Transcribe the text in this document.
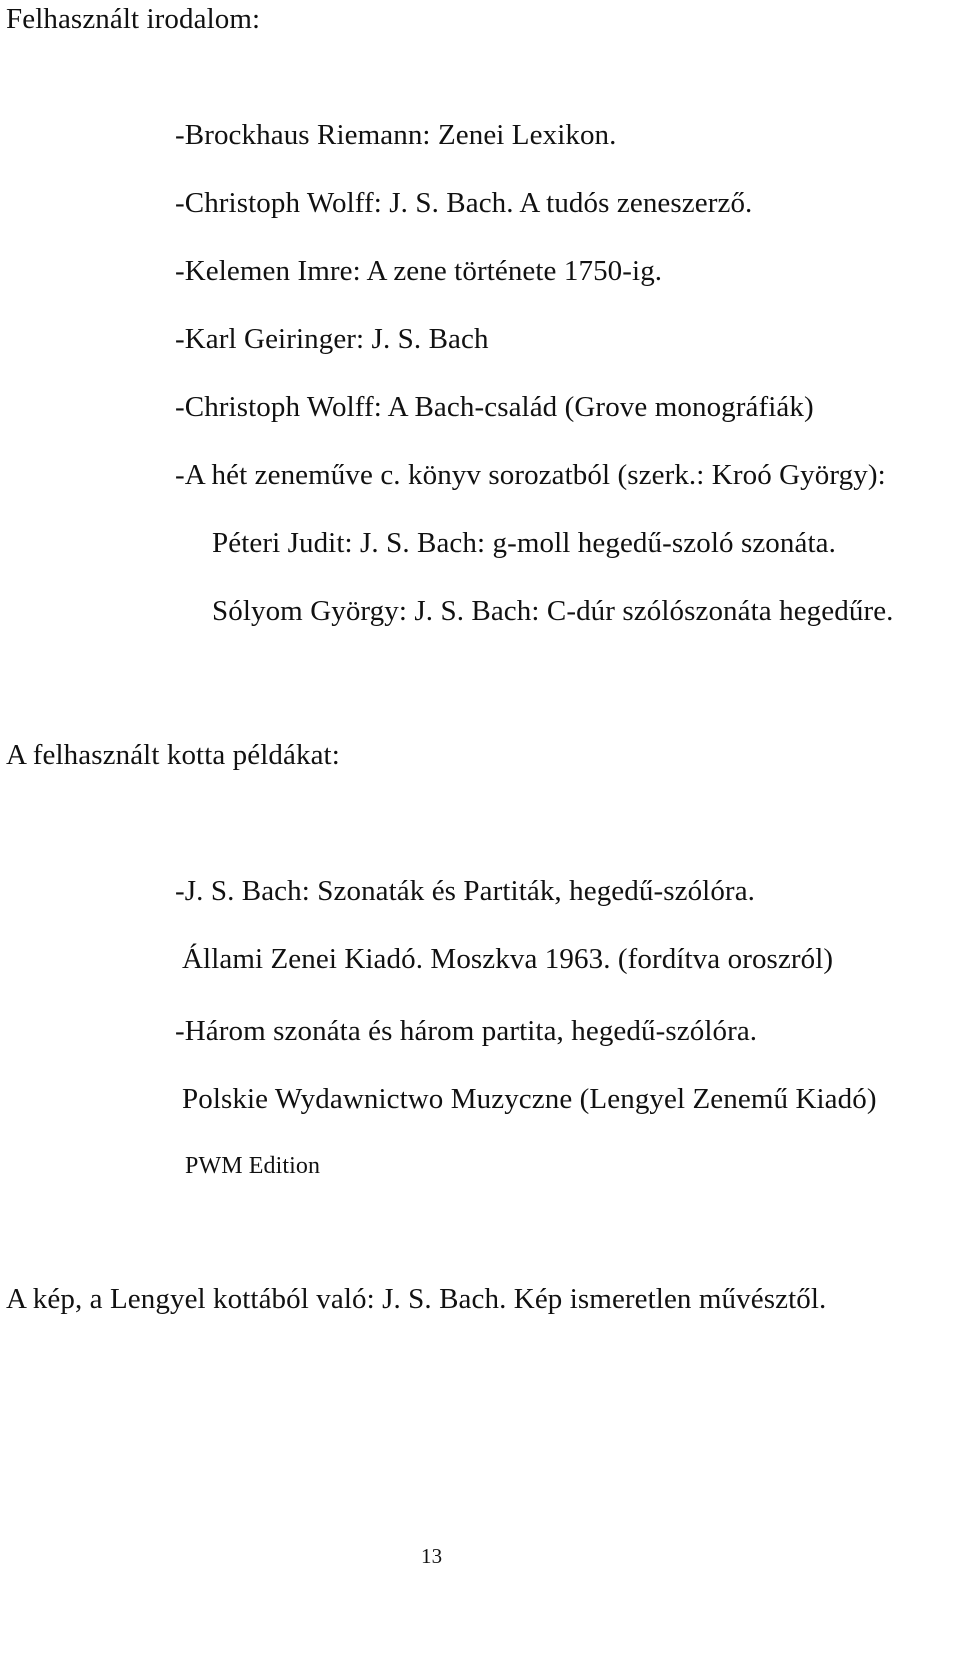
Felhasznált irodalom:
-Brockhaus Riemann: Zenei Lexikon.
-Christoph Wolff: J. S. Bach. A tudós zeneszerző.
-Kelemen Imre: A zene története 1750-ig.
-Karl Geiringer: J. S. Bach
-Christoph Wolff: A Bach-család (Grove monográfiák)
-A hét zeneműve c. könyv sorozatból (szerk.: Kroó György):
Péteri Judit: J. S. Bach: g-moll hegedű-szoló szonáta.
Sólyom György: J. S. Bach: C-dúr szólószonáta hegedűre.
A felhasznált kotta példákat:
-J. S. Bach: Szonaták és Partiták, hegedű-szólóra.
Állami Zenei Kiadó. Moszkva 1963. (fordítva oroszról)
-Három szonáta és három partita, hegedű-szólóra.
Polskie Wydawnictwo Muzyczne (Lengyel Zenemű Kiadó)
PWM Edition
A kép, a Lengyel kottából való: J. S. Bach. Kép ismeretlen művésztől.
13
